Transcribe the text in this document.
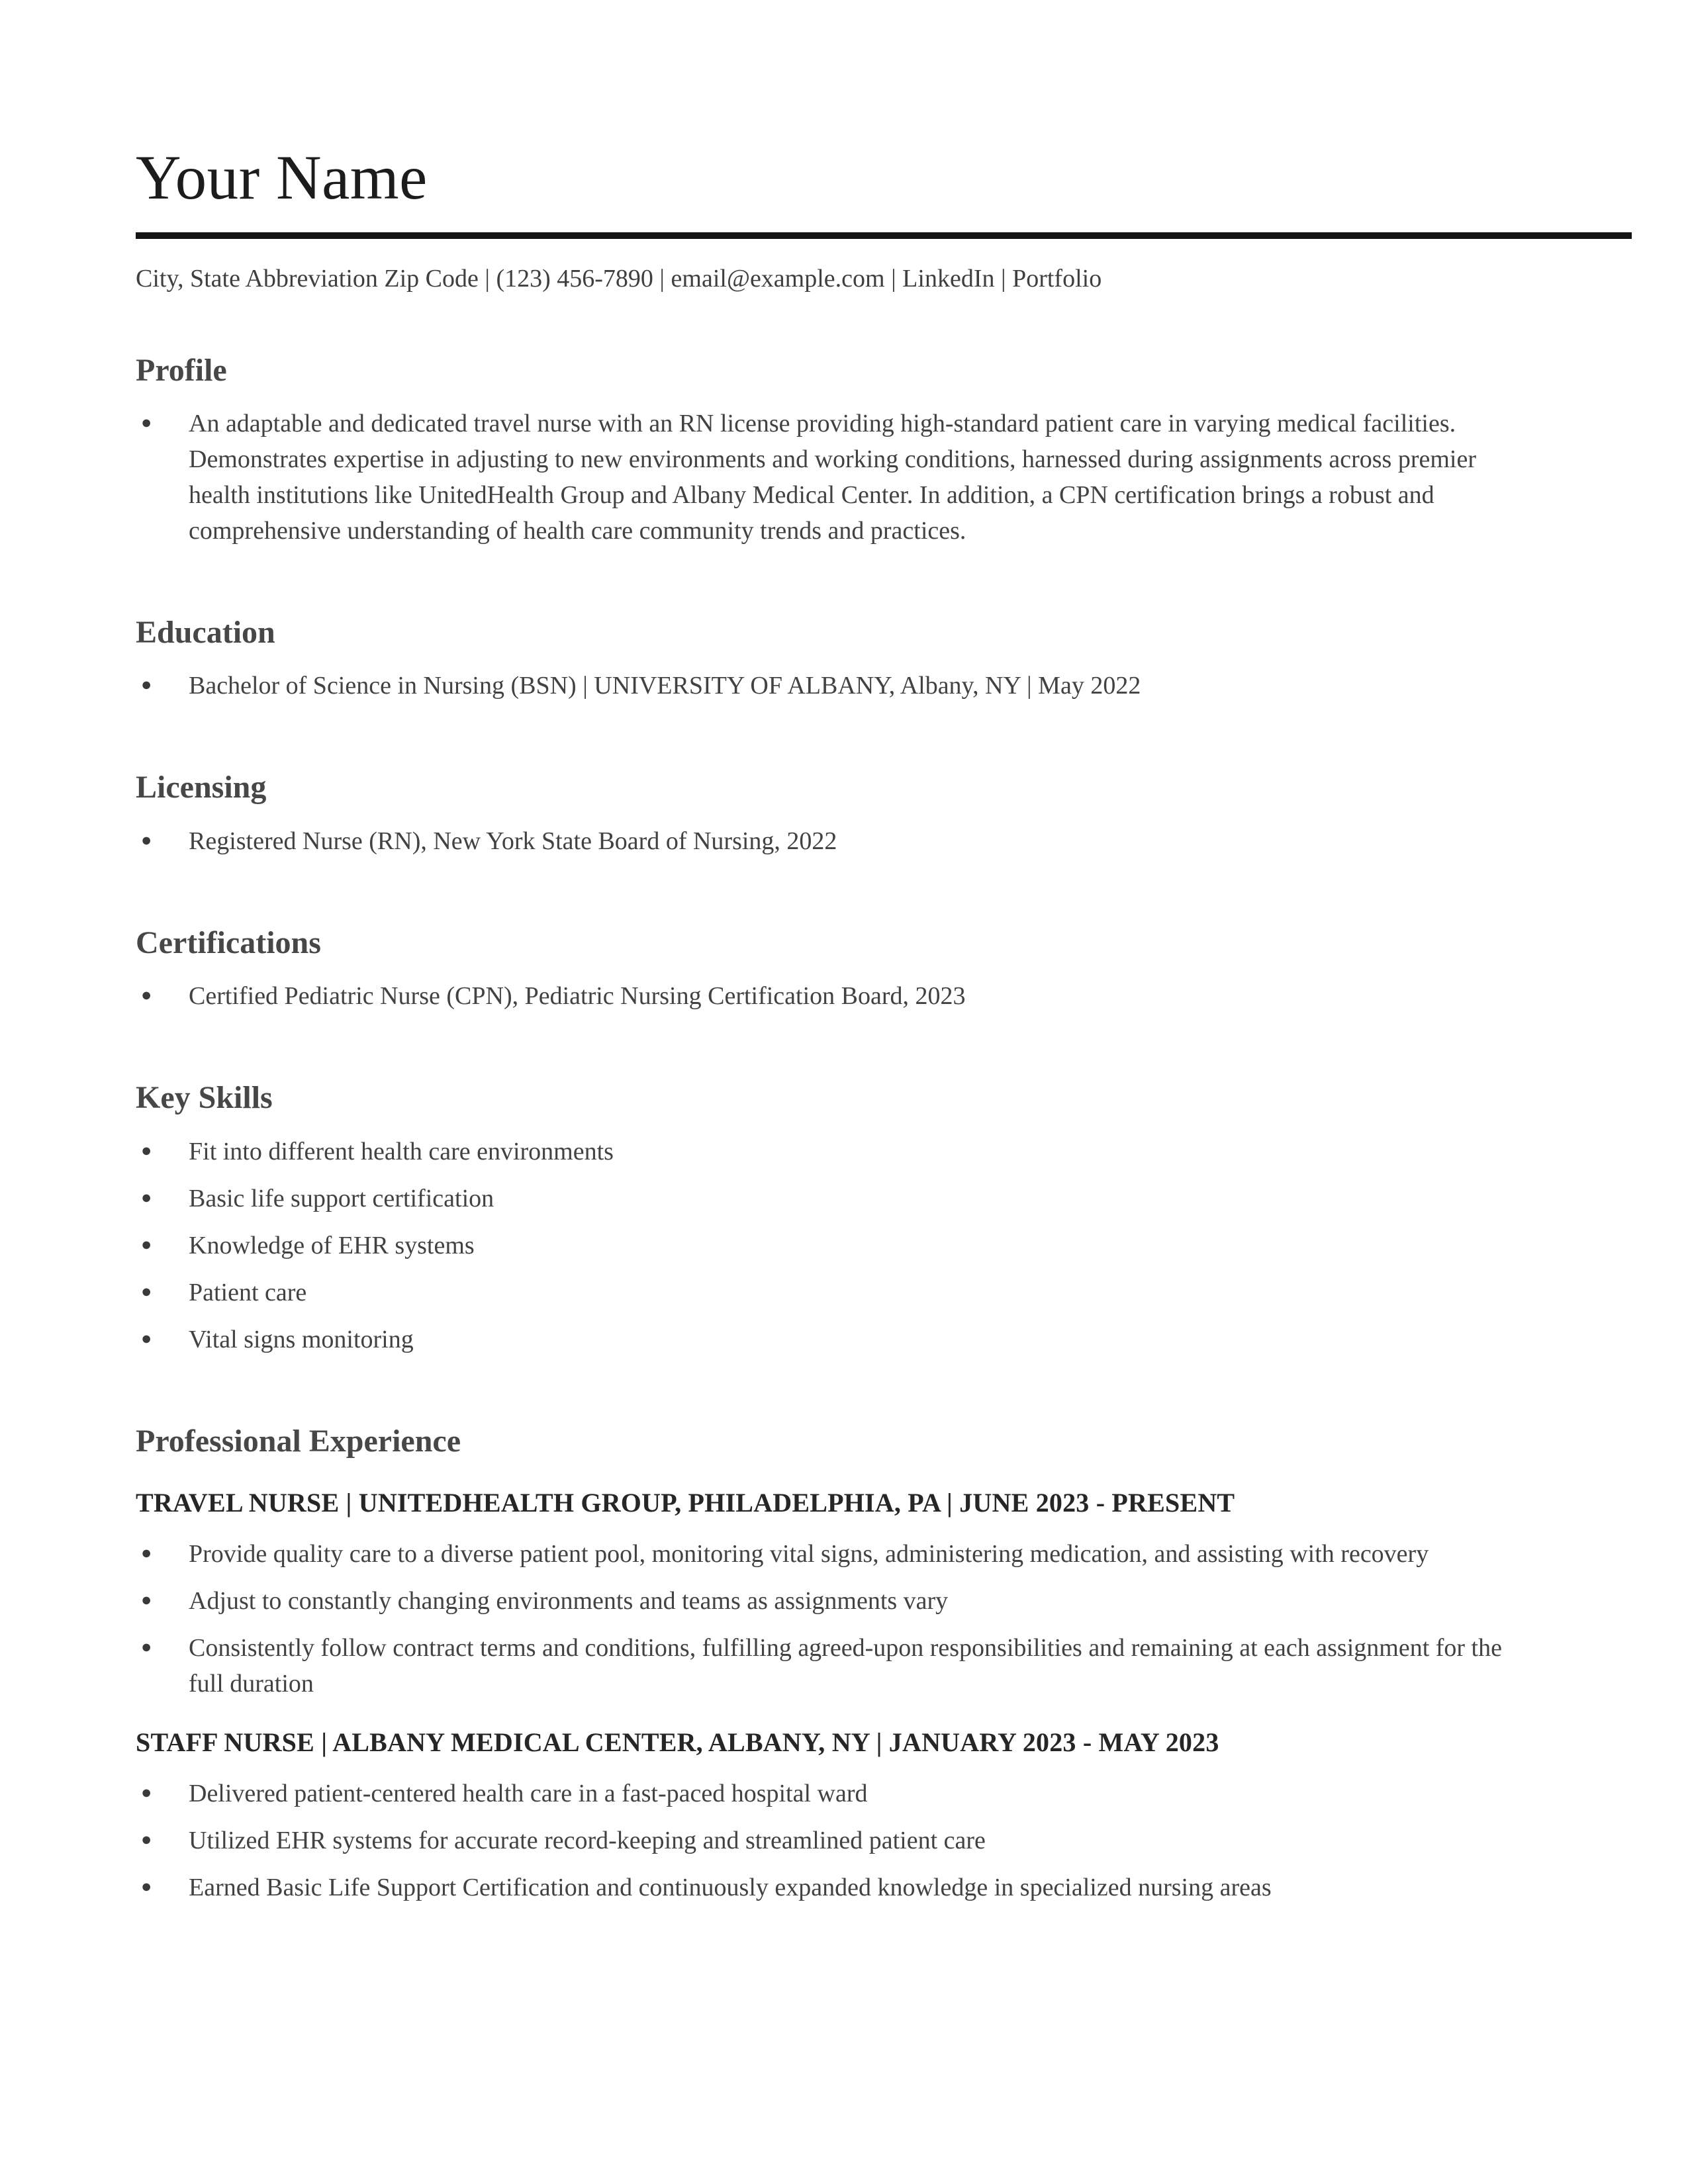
Your Name
City, State Abbreviation Zip Code | (123) 456-7890 | email@example.com | LinkedIn | Portfolio
Profile
● An adaptable and dedicated travel nurse with an RN license providing high-standard patient care in varying medical facilities. Demonstrates expertise in adjusting to new environments and working conditions, harnessed during assignments across premier health institutions like UnitedHealth Group and Albany Medical Center. In addition, a CPN certification brings a robust and comprehensive understanding of health care community trends and practices.
Education
● Bachelor of Science in Nursing (BSN) | UNIVERSITY OF ALBANY, Albany, NY | May 2022
Licensing
● Registered Nurse (RN), New York State Board of Nursing, 2022
Certifications
● Certified Pediatric Nurse (CPN), Pediatric Nursing Certification Board, 2023
Key Skills
● Fit into different health care environments
● Basic life support certification
● Knowledge of EHR systems
● Patient care
● Vital signs monitoring
Professional Experience
TRAVEL NURSE | UNITEDHEALTH GROUP, PHILADELPHIA, PA | JUNE 2023 - PRESENT
● Provide quality care to a diverse patient pool, monitoring vital signs, administering medication, and assisting with recovery
● Adjust to constantly changing environments and teams as assignments vary
● Consistently follow contract terms and conditions, fulfilling agreed-upon responsibilities and remaining at each assignment for the full duration
STAFF NURSE | ALBANY MEDICAL CENTER, ALBANY, NY | JANUARY 2023 - MAY 2023
● Delivered patient-centered health care in a fast-paced hospital ward
● Utilized EHR systems for accurate record-keeping and streamlined patient care
● Earned Basic Life Support Certification and continuously expanded knowledge in specialized nursing areas
